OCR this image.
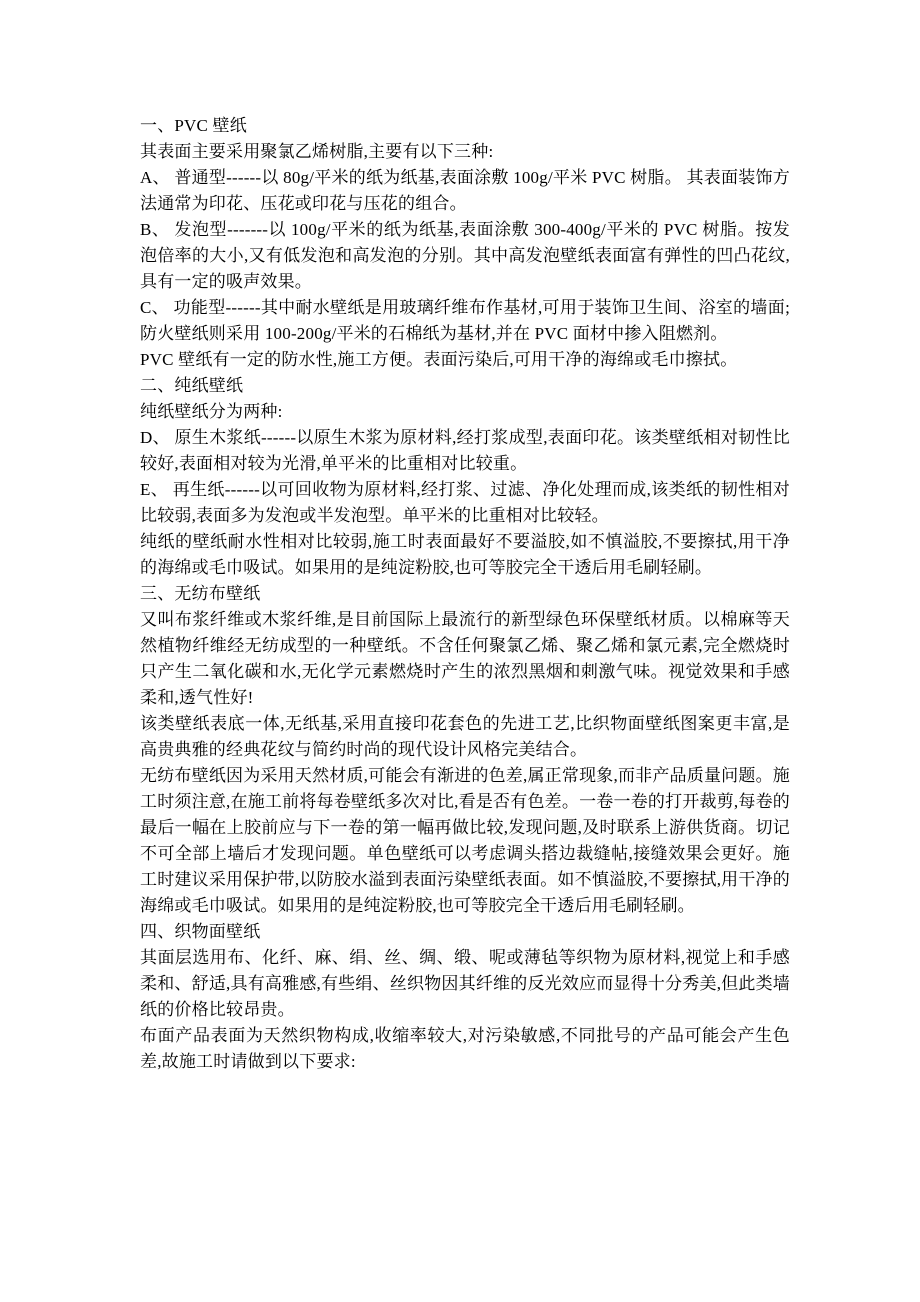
一、PVC 壁纸

其表面主要采用聚氯乙烯树脂,主要有以下三种:

A、 普通型------以 80g/平米的纸为纸基,表面涂敷 100g/平米 PVC 树脂。 其表面装饰方法通常为印花、压花或印花与压花的组合。

B、 发泡型-------以 100g/平米的纸为纸基,表面涂敷 300-400g/平米的 PVC 树脂。按发泡倍率的大小,又有低发泡和高发泡的分别。其中高发泡壁纸表面富有弹性的凹凸花纹,具有一定的吸声效果。

C、 功能型------其中耐水壁纸是用玻璃纤维布作基材,可用于装饰卫生间、浴室的墙面; 防火壁纸则采用 100-200g/平米的石棉纸为基材,并在 PVC 面材中掺入阻燃剂。

PVC 壁纸有一定的防水性,施工方便。表面污染后,可用干净的海绵或毛巾擦拭。

二、纯纸壁纸

纯纸壁纸分为两种:

D、 原生木浆纸------以原生木浆为原材料,经打浆成型,表面印花。该类壁纸相对韧性比较好,表面相对较为光滑,单平米的比重相对比较重。

E、 再生纸------以可回收物为原材料,经打浆、过滤、净化处理而成,该类纸的韧性相对比较弱,表面多为发泡或半发泡型。单平米的比重相对比较轻。

纯纸的壁纸耐水性相对比较弱,施工时表面最好不要溢胶,如不慎溢胶,不要擦拭,用干净的海绵或毛巾吸试。如果用的是纯淀粉胶,也可等胶完全干透后用毛刷轻刷。

三、无纺布壁纸

又叫布浆纤维或木浆纤维,是目前国际上最流行的新型绿色环保壁纸材质。以棉麻等天然植物纤维经无纺成型的一种壁纸。不含任何聚氯乙烯、聚乙烯和氯元素,完全燃烧时只产生二氧化碳和水,无化学元素燃烧时产生的浓烈黑烟和刺激气味。视觉效果和手感柔和,透气性好!

该类壁纸表底一体,无纸基,采用直接印花套色的先进工艺,比织物面壁纸图案更丰富,是高贵典雅的经典花纹与简约时尚的现代设计风格完美结合。

无纺布壁纸因为采用天然材质,可能会有渐进的色差,属正常现象,而非产品质量问题。施工时须注意,在施工前将每卷壁纸多次对比,看是否有色差。一卷一卷的打开裁剪,每卷的最后一幅在上胶前应与下一卷的第一幅再做比较,发现问题,及时联系上游供货商。切记不可全部上墙后才发现问题。单色壁纸可以考虑调头搭边裁缝帖,接缝效果会更好。施工时建议采用保护带,以防胶水溢到表面污染壁纸表面。如不慎溢胶,不要擦拭,用干净的海绵或毛巾吸试。如果用的是纯淀粉胶,也可等胶完全干透后用毛刷轻刷。

四、织物面壁纸

其面层选用布、化纤、麻、绢、丝、绸、缎、呢或薄毡等织物为原材料,视觉上和手感柔和、舒适,具有高雅感,有些绢、丝织物因其纤维的反光效应而显得十分秀美,但此类墙纸的价格比较昂贵。

布面产品表面为天然织物构成,收缩率较大,对污染敏感,不同批号的产品可能会产生色差,故施工时请做到以下要求:
